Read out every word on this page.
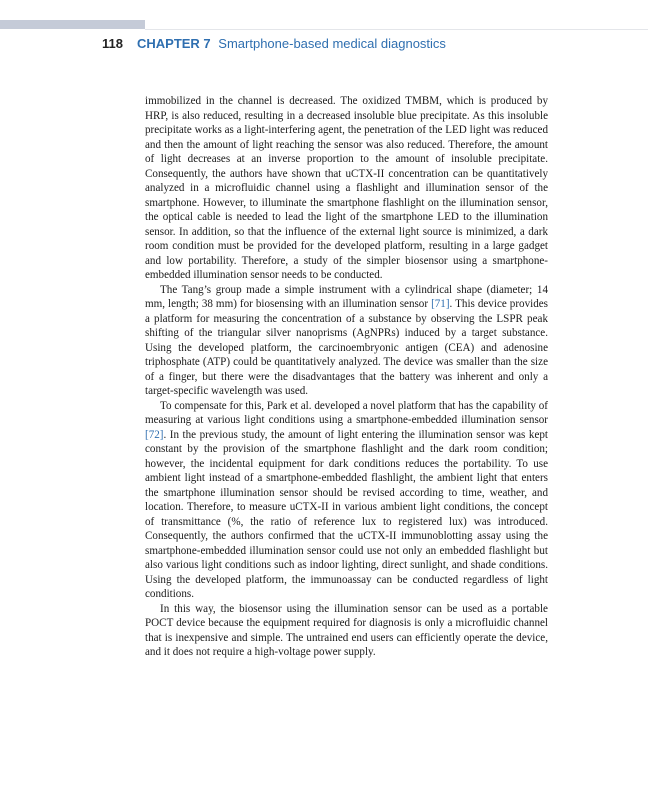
118 CHAPTER 7 Smartphone-based medical diagnostics

immobilized in the channel is decreased. The oxidized TMBM, which is produced by HRP, is also reduced, resulting in a decreased insoluble blue precipitate. As this insoluble precipitate works as a light-interfering agent, the penetration of the LED light was reduced and then the amount of light reaching the sensor was also reduced. Therefore, the amount of light decreases at an inverse proportion to the amount of insoluble precipitate. Consequently, the authors have shown that uCTX-II concentration can be quantitatively analyzed in a microfluidic channel using a flashlight and illumination sensor of the smartphone. However, to illuminate the smartphone flashlight on the illumination sensor, the optical cable is needed to lead the light of the smartphone LED to the illumination sensor. In addition, so that the influence of the external light source is minimized, a dark room condition must be provided for the developed platform, resulting in a large gadget and low portability. Therefore, a study of the simpler biosensor using a smartphone-embedded illumination sensor needs to be conducted.

The Tang’s group made a simple instrument with a cylindrical shape (diameter; 14 mm, length; 38 mm) for biosensing with an illumination sensor [71]. This device provides a platform for measuring the concentration of a substance by observing the LSPR peak shifting of the triangular silver nanoprisms (AgNPRs) induced by a target substance. Using the developed platform, the carcinoembryonic antigen (CEA) and adenosine triphosphate (ATP) could be quantitatively analyzed. The device was smaller than the size of a finger, but there were the disadvantages that the battery was inherent and only a target-specific wavelength was used.

To compensate for this, Park et al. developed a novel platform that has the capability of measuring at various light conditions using a smartphone-embedded illumination sensor [72]. In the previous study, the amount of light entering the illumination sensor was kept constant by the provision of the smartphone flashlight and the dark room condition; however, the incidental equipment for dark conditions reduces the portability. To use ambient light instead of a smartphone-embedded flashlight, the ambient light that enters the smartphone illumination sensor should be revised according to time, weather, and location. Therefore, to measure uCTX-II in various ambient light conditions, the concept of transmittance (%, the ratio of reference lux to registered lux) was introduced. Consequently, the authors confirmed that the uCTX-II immunoblotting assay using the smartphone-embedded illumination sensor could use not only an embedded flashlight but also various light conditions such as indoor lighting, direct sunlight, and shade conditions. Using the developed platform, the immunoassay can be conducted regardless of light conditions.

In this way, the biosensor using the illumination sensor can be used as a portable POCT device because the equipment required for diagnosis is only a microfluidic channel that is inexpensive and simple. The untrained end users can efficiently operate the device, and it does not require a high-voltage power supply.
